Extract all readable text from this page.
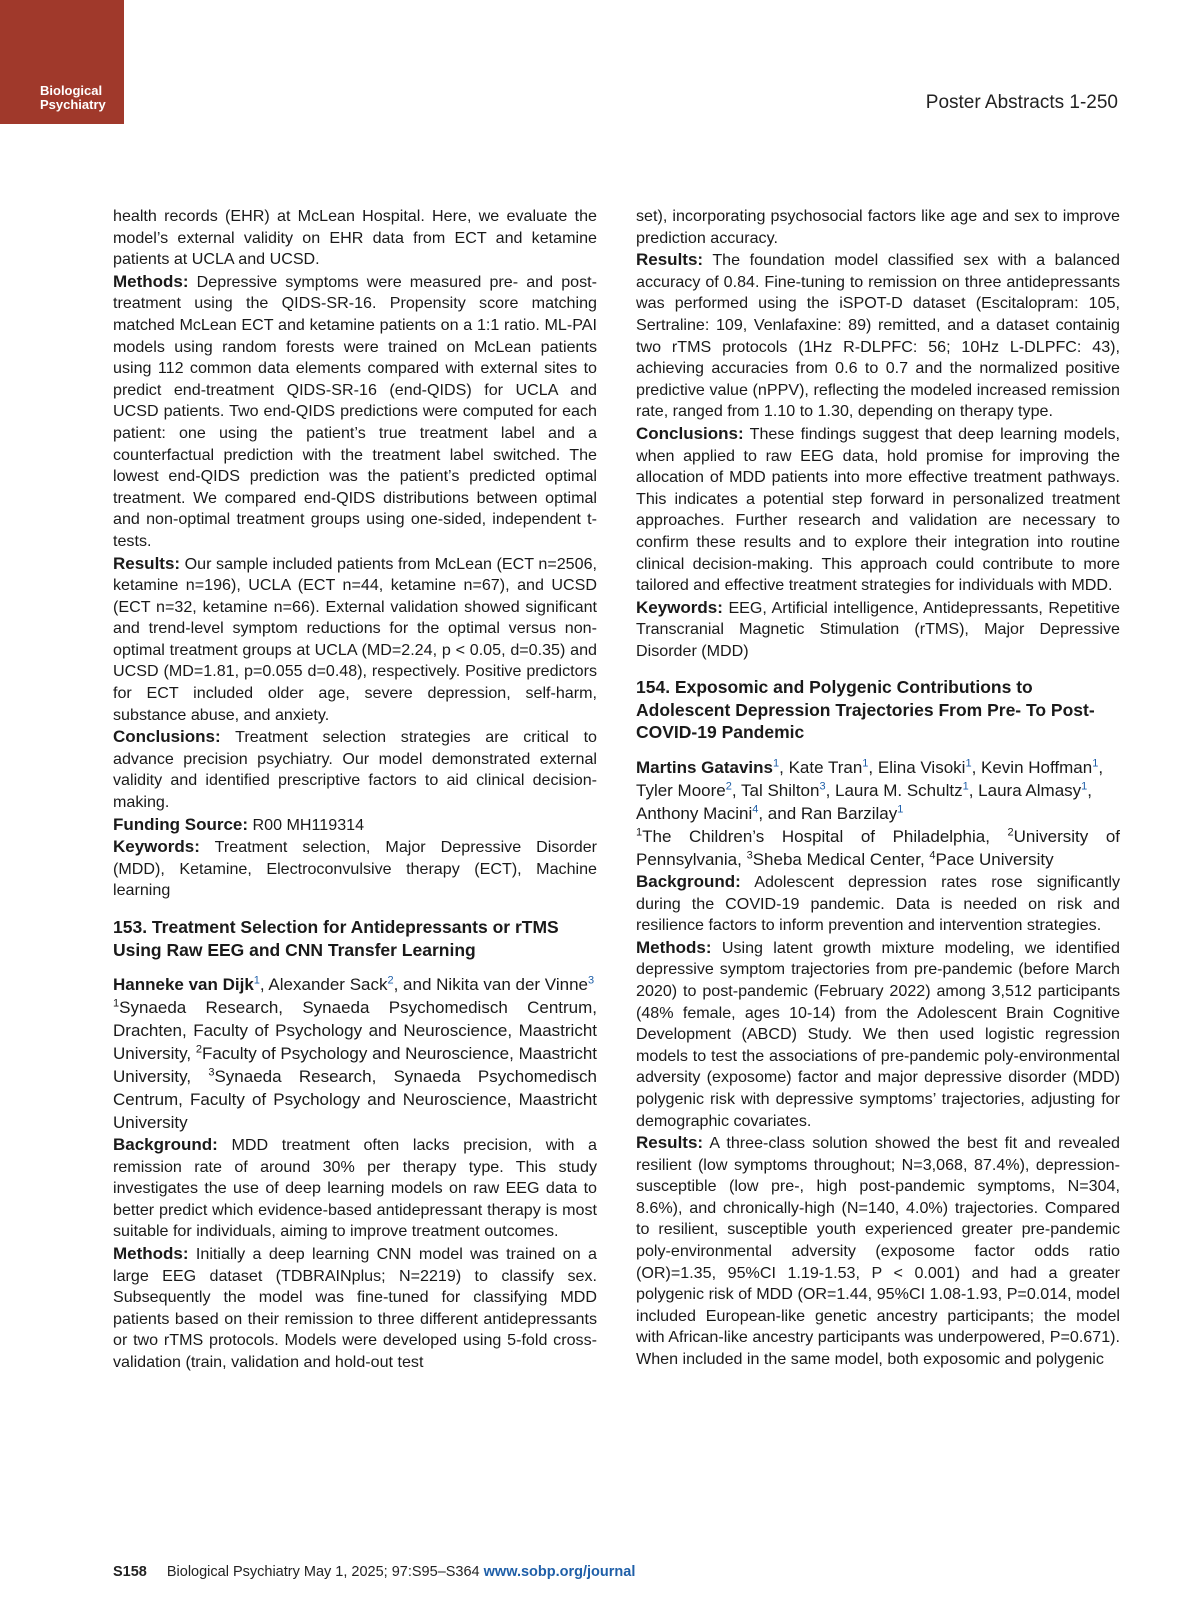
Biological
Psychiatry	Poster Abstracts 1-250

health records (EHR) at McLean Hospital. Here, we evaluate the model’s external validity on EHR data from ECT and ketamine patients at UCLA and UCSD.

Methods: Depressive symptoms were measured pre- and post-treatment using the QIDS-SR-16. Propensity score matching matched McLean ECT and ketamine patients on a 1:1 ratio. ML-PAI models using random forests were trained on McLean patients using 112 common data elements compared with external sites to predict end-treatment QIDS-SR-16 (end-QIDS) for UCLA and UCSD patients. Two end-QIDS predictions were computed for each patient: one using the patient’s true treatment label and a counterfactual prediction with the treatment label switched. The lowest end-QIDS prediction was the patient’s predicted optimal treatment. We compared end-QIDS distributions between optimal and non-optimal treatment groups using one-sided, independent t-tests.

Results: Our sample included patients from McLean (ECT n=2506, ketamine n=196), UCLA (ECT n=44, ketamine n=67), and UCSD (ECT n=32, ketamine n=66). External validation showed significant and trend-level symptom reductions for the optimal versus non-optimal treatment groups at UCLA (MD=2.24, p < 0.05, d=0.35) and UCSD (MD=1.81, p=0.055 d=0.48), respectively. Positive predictors for ECT included older age, severe depression, self-harm, substance abuse, and anxiety.

Conclusions: Treatment selection strategies are critical to advance precision psychiatry. Our model demonstrated external validity and identified prescriptive factors to aid clinical decision-making.

Funding Source: R00 MH119314

Keywords: Treatment selection, Major Depressive Disorder (MDD), Ketamine, Electroconvulsive therapy (ECT), Machine learning

153. Treatment Selection for Antidepressants or rTMS Using Raw EEG and CNN Transfer Learning

Hanneke van Dijk$^1$, Alexander Sack$^2$, and Nikita van der Vinne$^3$

$^1$Synaeda Research, Synaeda Psychomedisch Centrum, Drachten, Faculty of Psychology and Neuroscience, Maastricht University, $^2$Faculty of Psychology and Neuroscience, Maastricht University, $^3$Synaeda Research, Synaeda Psychomedisch Centrum, Faculty of Psychology and Neuroscience, Maastricht University

Background: MDD treatment often lacks precision, with a remission rate of around 30% per therapy type. This study investigates the use of deep learning models on raw EEG data to better predict which evidence-based antidepressant therapy is most suitable for individuals, aiming to improve treatment outcomes.

Methods: Initially a deep learning CNN model was trained on a large EEG dataset (TDBRAINplus; N=2219) to classify sex. Subsequently the model was fine-tuned for classifying MDD patients based on their remission to three different antidepressants or two rTMS protocols. Models were developed using 5-fold cross-validation (train, validation and hold-out test

set), incorporating psychosocial factors like age and sex to improve prediction accuracy.

Results: The foundation model classified sex with a balanced accuracy of 0.84. Fine-tuning to remission on three antidepressants was performed using the iSPOT-D dataset (Escitalopram: 105, Sertraline: 109, Venlafaxine: 89) remitted, and a dataset containig two rTMS protocols (1Hz R-DLPFC: 56; 10Hz L-DLPFC: 43), achieving accuracies from 0.6 to 0.7 and the normalized positive predictive value (nPPV), reflecting the modeled increased remission rate, ranged from 1.10 to 1.30, depending on therapy type.

Conclusions: These findings suggest that deep learning models, when applied to raw EEG data, hold promise for improving the allocation of MDD patients into more effective treatment pathways. This indicates a potential step forward in personalized treatment approaches. Further research and validation are necessary to confirm these results and to explore their integration into routine clinical decision-making. This approach could contribute to more tailored and effective treatment strategies for individuals with MDD.

Keywords: EEG, Artificial intelligence, Antidepressants, Repetitive Transcranial Magnetic Stimulation (rTMS), Major Depressive Disorder (MDD)

154. Exposomic and Polygenic Contributions to Adolescent Depression Trajectories From Pre- To Post-COVID-19 Pandemic

Martins Gatavins$^1$, Kate Tran$^1$, Elina Visoki$^1$, Kevin Hoffman$^1$, Tyler Moore$^2$, Tal Shilton$^3$, Laura M. Schultz$^1$, Laura Almasy$^1$, Anthony Macini$^4$, and Ran Barzilay$^1$

$^1$The Children’s Hospital of Philadelphia, $^2$University of Pennsylvania, $^3$Sheba Medical Center, $^4$Pace University

Background: Adolescent depression rates rose significantly during the COVID-19 pandemic. Data is needed on risk and resilience factors to inform prevention and intervention strategies.

Methods: Using latent growth mixture modeling, we identified depressive symptom trajectories from pre-pandemic (before March 2020) to post-pandemic (February 2022) among 3,512 participants (48% female, ages 10-14) from the Adolescent Brain Cognitive Development (ABCD) Study. We then used logistic regression models to test the associations of pre-pandemic poly-environmental adversity (exposome) factor and major depressive disorder (MDD) polygenic risk with depressive symptoms’ trajectories, adjusting for demographic covariates.

Results: A three-class solution showed the best fit and revealed resilient (low symptoms throughout; N=3,068, 87.4%), depression-susceptible (low pre-, high post-pandemic symptoms, N=304, 8.6%), and chronically-high (N=140, 4.0%) trajectories. Compared to resilient, susceptible youth experienced greater pre-pandemic poly-environmental adversity (exposome factor odds ratio (OR)=1.35, 95%CI 1.19-1.53, P < 0.001) and had a greater polygenic risk of MDD (OR=1.44, 95%CI 1.08-1.93, P=0.014, model included European-like genetic ancestry participants; the model with African-like ancestry participants was underpowered, P=0.671). When included in the same model, both exposomic and polygenic

S158 Biological Psychiatry May 1, 2025; 97:S95–S364 www.sobp.org/journal
